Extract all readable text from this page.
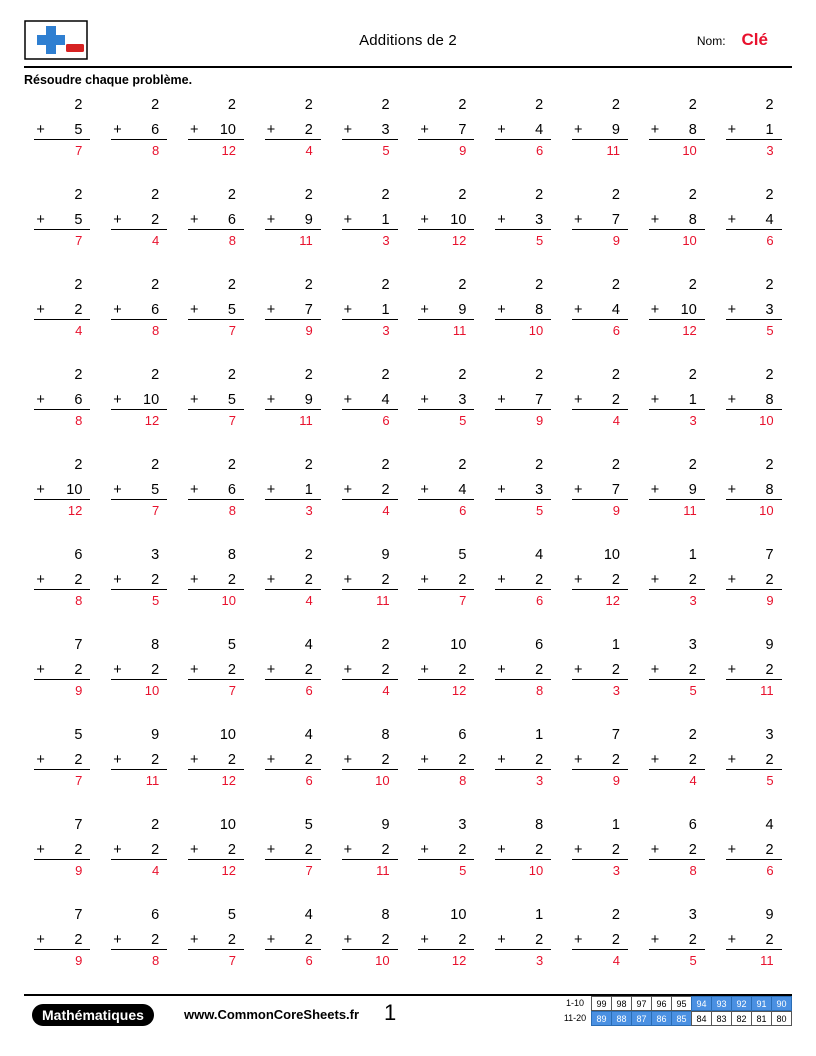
Additions de 2	Nom: Clé
Résoudre chaque problème.
2
+ 5
7
2
+ 6
8
2
+ 10
12
2
+ 2
4
2
+ 3
5
2
+ 7
9
2
+ 4
6
2
+ 9
11
2
+ 8
10
2
+ 1
3
2
+ 5
7
2
+ 2
4
2
+ 6
8
2
+ 9
11
2
+ 1
3
2
+ 10
12
2
+ 3
5
2
+ 7
9
2
+ 8
10
2
+ 4
6
2
+ 2
4
2
+ 6
8
2
+ 5
7
2
+ 7
9
2
+ 1
3
2
+ 9
11
2
+ 8
10
2
+ 4
6
2
+ 10
12
2
+ 3
5
2
+ 6
8
2
+ 10
12
2
+ 5
7
2
+ 9
11
2
+ 4
6
2
+ 3
5
2
+ 7
9
2
+ 2
4
2
+ 1
3
2
+ 8
10
2
+ 10
12
2
+ 5
7
2
+ 6
8
2
+ 1
3
2
+ 2
4
2
+ 4
6
2
+ 3
5
2
+ 7
9
2
+ 9
11
2
+ 8
10
6
+ 2
8
3
+ 2
5
8
+ 2
10
2
+ 2
4
9
+ 2
11
5
+ 2
7
4
+ 2
6
10
+ 2
12
1
+ 2
3
7
+ 2
9
7
+ 2
9
8
+ 2
10
5
+ 2
7
4
+ 2
6
2
+ 2
4
10
+ 2
12
6
+ 2
8
1
+ 2
3
3
+ 2
5
9
+ 2
11
5
+ 2
7
9
+ 2
11
10
+ 2
12
4
+ 2
6
8
+ 2
10
6
+ 2
8
1
+ 2
3
7
+ 2
9
2
+ 2
4
3
+ 2
5
7
+ 2
9
2
+ 2
4
10
+ 2
12
5
+ 2
7
9
+ 2
11
3
+ 2
5
8
+ 2
10
1
+ 2
3
6
+ 2
8
4
+ 2
6
7
+ 2
9
6
+ 2
8
5
+ 2
7
4
+ 2
6
8
+ 2
10
10
+ 2
12
1
+ 2
3
2
+ 2
4
3
+ 2
5
9
+ 2
11
Mathématiques	www.CommonCoreSheets.fr 1	1-10	99	98	97	96	95	94	93	92	91	90
11-20	89	88	87	86	85	84	83	82	81	80
